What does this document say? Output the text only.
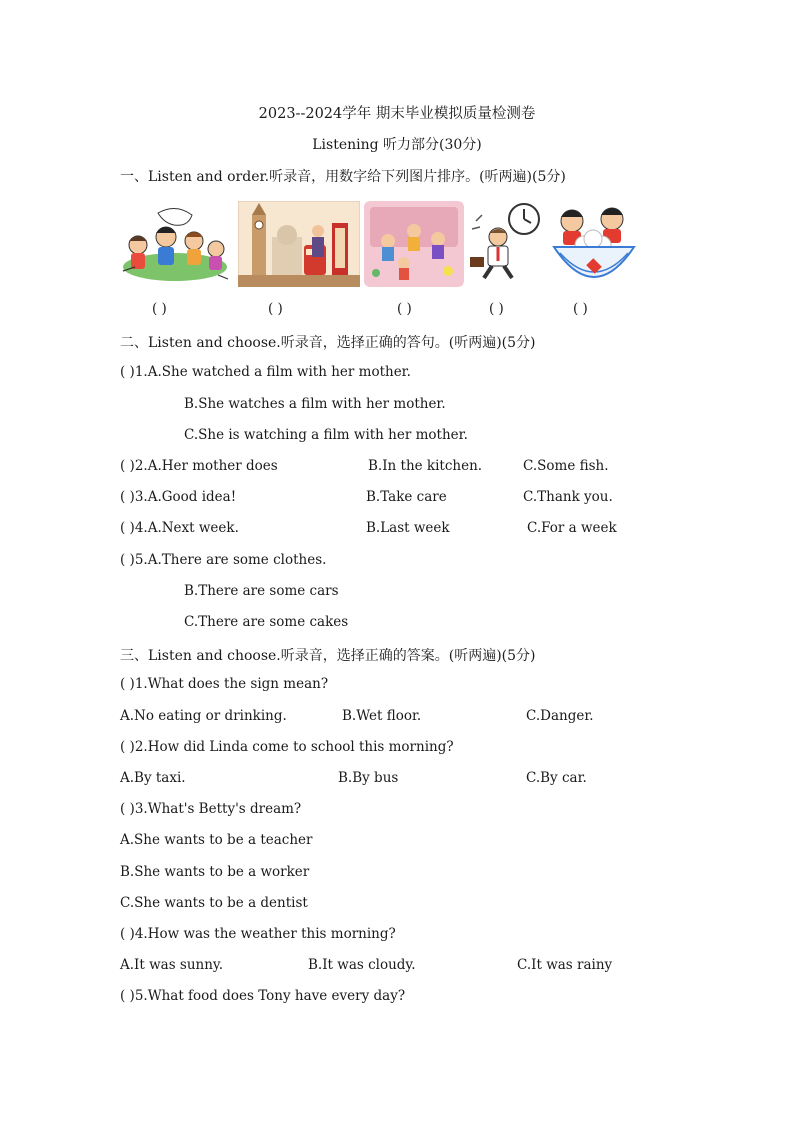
2023--2024学年 期末毕业模拟质量检测卷
Listening 听力部分(30分)
一、Listen and order.听录音，用数字给下列图片排序。(听两遍)(5分)
( )	( )	( )	( )	( )
二、Listen and choose.听录音，选择正确的答句。(听两遍)(5分)
( )1.A.She watched a film with her mother.
B.She watches a film with her mother.
C.She is watching a film with her mother.
( )2.A.Her mother does	B.In the kitchen.	C.Some fish.
( )3.A.Good idea!	B.Take care	C.Thank you.
( )4.A.Next week.	B.Last week	C.For a week
( )5.A.There are some clothes.
B.There are some cars
C.There are some cakes
三、Listen and choose.听录音，选择正确的答案。(听两遍)(5分)
( )1.What does the sign mean?
A.No eating or drinking.	B.Wet floor.	C.Danger.
( )2.How did Linda come to school this morning?
A.By taxi.	B.By bus	C.By car.
( )3.What's Betty's dream?
A.She wants to be a teacher
B.She wants to be a worker
C.She wants to be a dentist
( )4.How was the weather this morning?
A.It was sunny.	B.It was cloudy.	C.It was rainy
( )5.What food does Tony have every day?
